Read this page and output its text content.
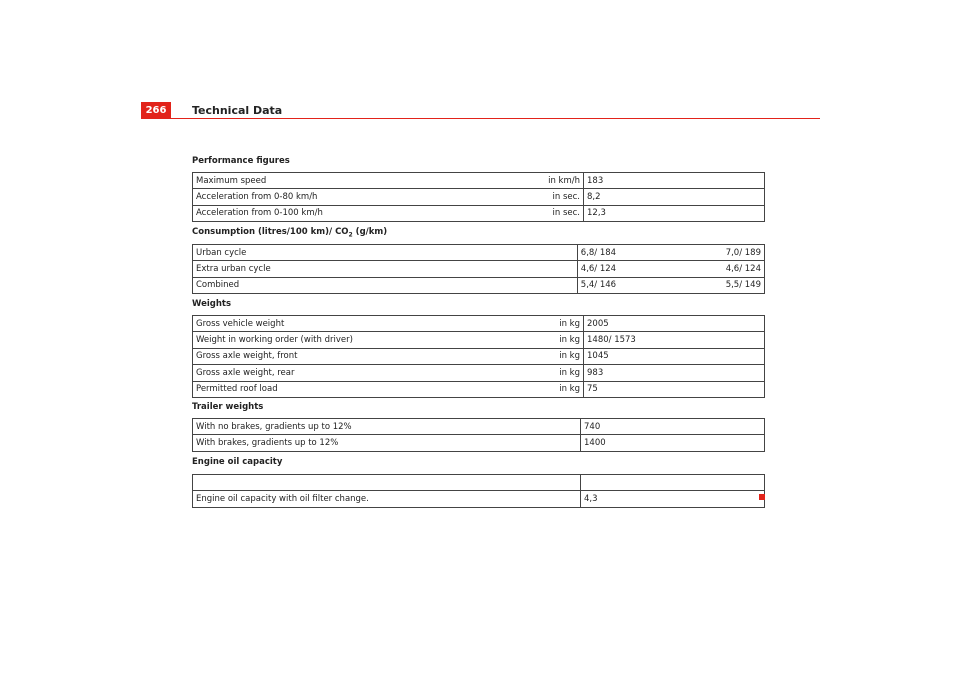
266	Technical Data
Performance figures
Maximum speed	in km/h	183
Acceleration from 0-80 km/h	in sec.	8,2
Acceleration from 0-100 km/h	in sec.	12,3
Consumption (litres/100 km)/ $CO_2$ (g/km)
Urban cycle	6,8/ 184	7,0/ 189
Extra urban cycle	4,6/ 124	4,6/ 124
Combined	5,4/ 146	5,5/ 149
Weights
Gross vehicle weight	in kg	2005
Weight in working order (with driver)	in kg	1480/ 1573
Gross axle weight, front	in kg	1045
Gross axle weight, rear	in kg	983
Permitted roof load	in kg	75
Trailer weights
With no brakes, gradients up to 12%	740
With brakes, gradients up to 12%	1400
Engine oil capacity

Engine oil capacity with oil filter change.	4,3
